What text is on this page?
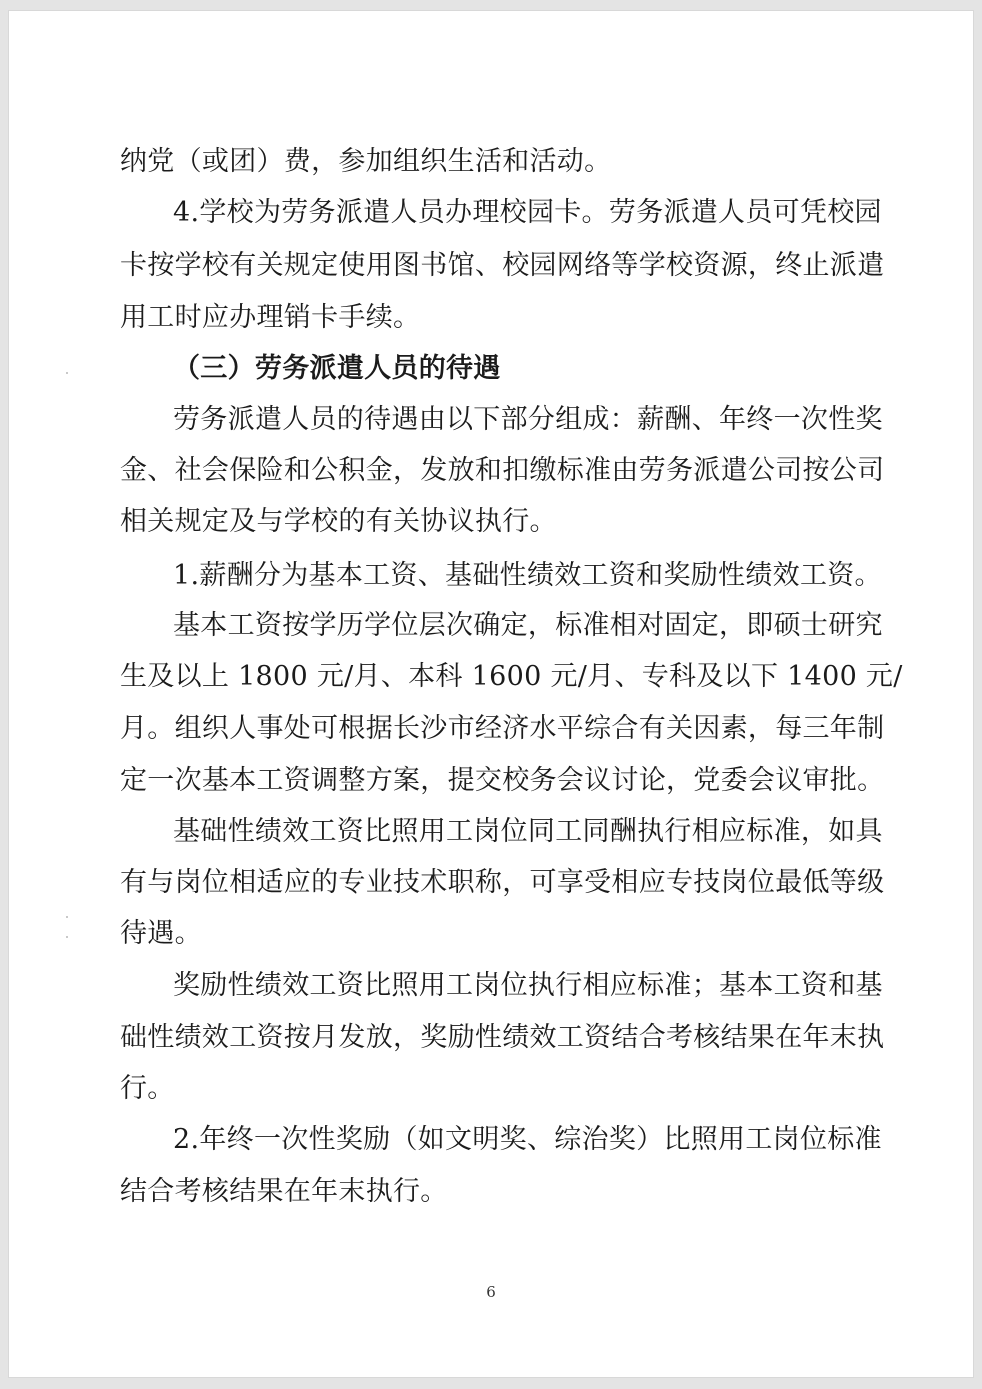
纳党（或团）费，参加组织生活和活动。
4.学校为劳务派遣人员办理校园卡。劳务派遣人员可凭校园
卡按学校有关规定使用图书馆、校园网络等学校资源，终止派遣
用工时应办理销卡手续。
（三）劳务派遣人员的待遇
劳务派遣人员的待遇由以下部分组成：薪酬、年终一次性奖
金、社会保险和公积金，发放和扣缴标准由劳务派遣公司按公司
相关规定及与学校的有关协议执行。
1.薪酬分为基本工资、基础性绩效工资和奖励性绩效工资。
基本工资按学历学位层次确定，标准相对固定，即硕士研究
生及以上 1800 元/月、本科 1600 元/月、专科及以下 1400 元/
月。组织人事处可根据长沙市经济水平综合有关因素，每三年制
定一次基本工资调整方案，提交校务会议讨论，党委会议审批。
基础性绩效工资比照用工岗位同工同酬执行相应标准，如具
有与岗位相适应的专业技术职称，可享受相应专技岗位最低等级
待遇。
奖励性绩效工资比照用工岗位执行相应标准；基本工资和基
础性绩效工资按月发放，奖励性绩效工资结合考核结果在年末执
行。
2.年终一次性奖励（如文明奖、综治奖）比照用工岗位标准
结合考核结果在年末执行。
6
